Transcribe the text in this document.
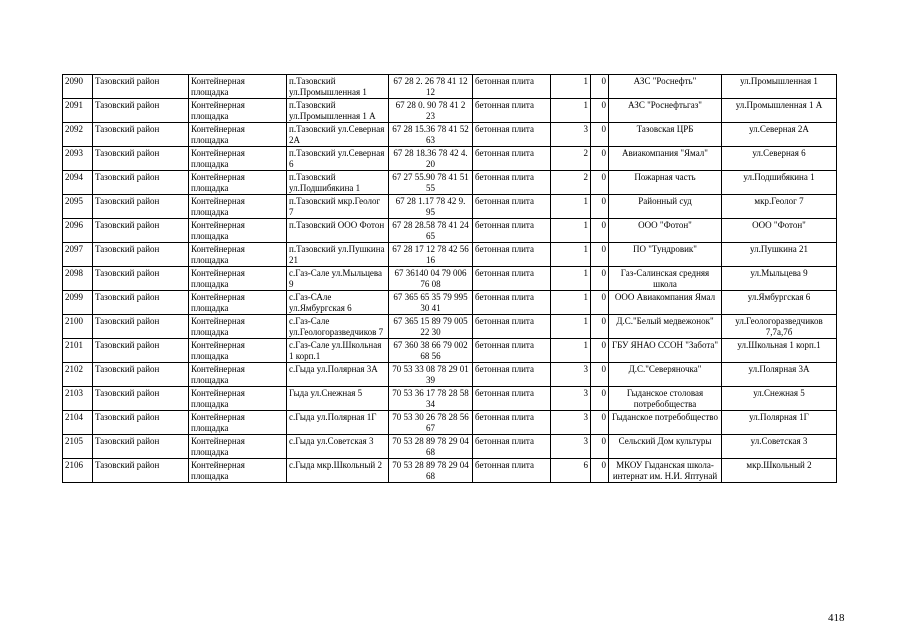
2090	Тазовский район	Контейнерная площадка	п.Тазовский ул.Промышленная 1	67 28 2. 26 78 41 12 12	бетонная плита	1	0	АЗС "Роснефть"	ул.Промышленная 1
2091	Тазовский район	Контейнерная площадка	п.Тазовский ул.Промышленная 1 А	67 28 0. 90 78 41 2 23	бетонная плита	1	0	АЗС "Роснефтьгаз"	ул.Промышленная 1 А
2092	Тазовский район	Контейнерная площадка	п.Тазовский ул.Северная 2А	67 28 15.36 78 41 52 63	бетонная плита	3	0	Тазовская ЦРБ	ул.Северная 2А
2093	Тазовский район	Контейнерная площадка	п.Тазовский ул.Северная 6	67 28 18.36 78 42 4. 20	бетонная плита	2	0	Авиакомпания "Ямал"	ул.Северная 6
2094	Тазовский район	Контейнерная площадка	п.Тазовский ул.Подшибякина 1	67 27 55.90 78 41 51 55	бетонная плита	2	0	Пожарная часть	ул.Подшибякина 1
2095	Тазовский район	Контейнерная площадка	п.Тазовский мкр.Геолог 7	67 28 1.17 78 42 9. 95	бетонная плита	1	0	Районный суд	мкр.Геолог 7
2096	Тазовский район	Контейнерная площадка	п.Тазовский ООО Фотон	67 28 28.58 78 41 24 65	бетонная плита	1	0	ООО "Фотон"	ООО "Фотон"
2097	Тазовский район	Контейнерная площадка	п.Тазовский ул.Пушкина 21	67 28 17 12 78 42 56 16	бетонная плита	1	0	ПО "Тундровик"	ул.Пушкина 21
2098	Тазовский район	Контейнерная площадка	с.Газ-Сале ул.Мыльцева 9	67 36140 04 79 006 76 08	бетонная плита	1	0	Газ-Салинская средняя школа	ул.Мыльцева 9
2099	Тазовский район	Контейнерная площадка	с.Газ-САле ул.Ямбургская 6	67 365 65 35 79 995 30 41	бетонная плита	1	0	ООО Авиакомпания Ямал	ул.Ямбургская 6
2100	Тазовский район	Контейнерная площадка	с.Газ-Сале ул.Геологоразведчиков 7	67 365 15 89 79 005 22 30	бетонная плита	1	0	Д.С."Белый медвежонок"	ул.Геологоразведчиков 7,7а,7б
2101	Тазовский район	Контейнерная площадка	с.Газ-Сале ул.Школьная 1 корп.1	67 360 38 66 79 002 68 56	бетонная плита	1	0	ГБУ ЯНАО ССОН "Забота"	ул.Школьная 1 корп.1
2102	Тазовский район	Контейнерная площадка	с.Гыда ул.Полярная 3А	70 53 33 08 78 29 01 39	бетонная плита	3	0	Д.С."Северяночка"	ул.Полярная 3А
2103	Тазовский район	Контейнерная площадка	Гыда ул.Снежная 5	70 53 36 17 78 28 58 34	бетонная плита	3	0	Гыданское столовая потребобщества	ул.Снежная 5
2104	Тазовский район	Контейнерная площадка	с.Гыда ул.Полярная 1Г	70 53 30 26 78 28 56 67	бетонная плита	3	0	Гыданское потребобщество	ул.Полярная 1Г
2105	Тазовский район	Контейнерная площадка	с.Гыда ул.Советская 3	70 53 28 89 78 29 04 68	бетонная плита	3	0	Сельский Дом культуры	ул.Советская 3
2106	Тазовский район	Контейнерная площадка	с.Гыда мкр.Школьный 2	70 53 28 89 78 29 04 68	бетонная плита	6	0	МКОУ Гыданская школа-интернат им. Н.И. Яптунай	мкр.Школьный 2
418
